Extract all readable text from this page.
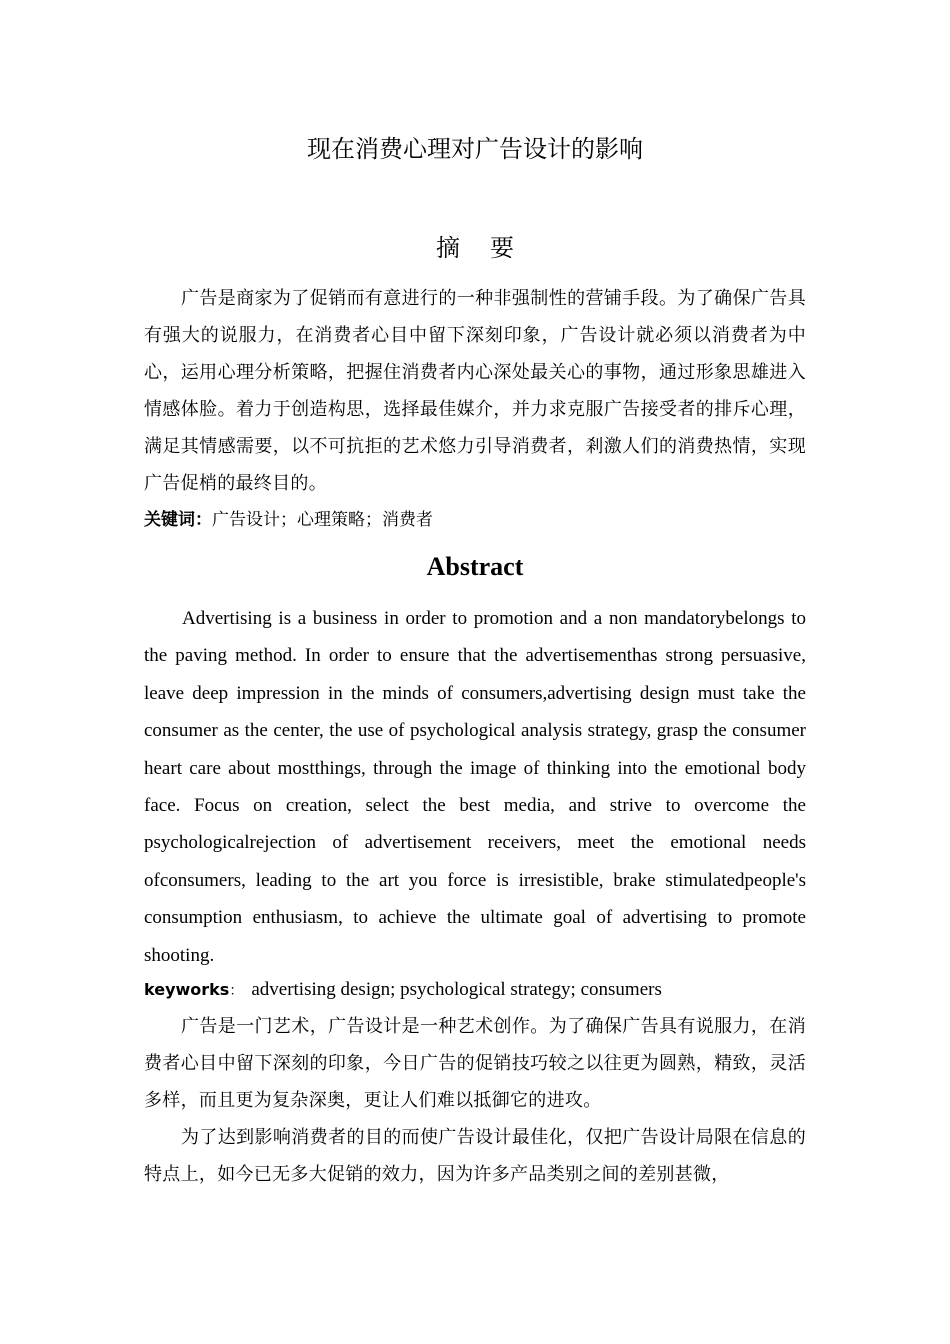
现在消费心理对广告设计的影响
摘要

广告是商家为了促销而有意进行的一种非强制性的营铺手段。为了确保广告具有强大的说服力，在消费者心目中留下深刻印象，广告设计就必须以消费者为中心，运用心理分析策略，把握住消费者内心深处最关心的事物，通过形象思雄进入情感体脸。着力于创造构思，选择最佳媒介，并力求克服广告接受者的排斥心理，满足其情感需要，以不可抗拒的艺术悠力引导消费者，剎激人们的消费热情，实现广告促梢的最终目的。

关键词：广告设计；心理策略；消费者
Abstract

Advertising is a business in order to promotion and a non mandatorybelongs to the paving method. In order to ensure that the advertisementhas strong persuasive, leave deep impression in the minds of consumers,advertising design must take the consumer as the center, the use of psychological analysis strategy, grasp the consumer heart care about mostthings, through the image of thinking into the emotional body face. Focus on creation, select the best media, and strive to overcome the psychologicalrejection of advertisement receivers, meet the emotional needs ofconsumers, leading to the art you force is irresistible, brake stimulatedpeople's consumption enthusiasm, to achieve the ultimate goal of advertising to promote shooting.

keyworks： advertising design; psychological strategy; consumers

广告是一门艺术，广告设计是一种艺术创作。为了确保广告具有说服力，在消费者心目中留下深刻的印象，今日广告的促销技巧较之以往更为圆熟，精致，灵活多样，而且更为复杂深奥，更让人们难以抵御它的进攻。

为了达到影响消费者的目的而使广告设计最佳化，仅把广告设计局限在信息的特点上，如今已无多大促销的效力，因为许多产品类别之间的差别甚微，
